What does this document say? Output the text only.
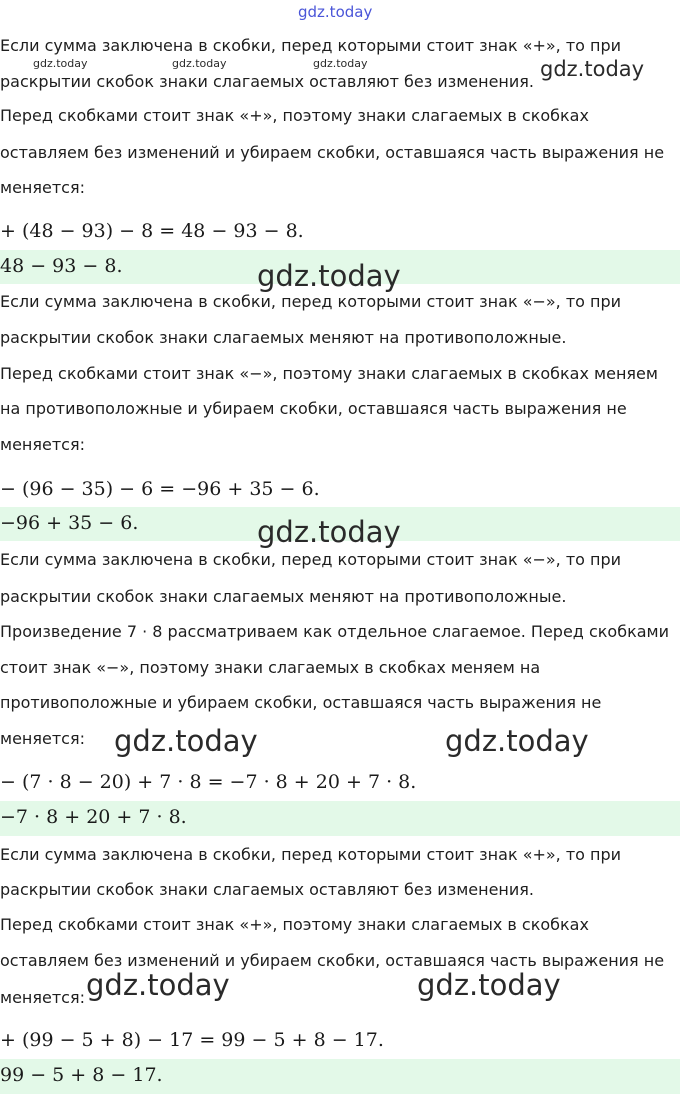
Если сумма заключена в скобки, перед которыми стоит знак «+», то при
раскрытии скобок знаки слагаемых оставляют без изменения.
Перед скобками стоит знак «+», поэтому знаки слагаемых в скобках
оставляем без изменений и убираем скобки, оставшаяся часть выражения не
меняется:
+ (48 − 93) − 8 = 48 − 93 − 8.
48 − 93 − 8.
Если сумма заключена в скобки, перед которыми стоит знак «−», то при
раскрытии скобок знаки слагаемых меняют на противоположные.
Перед скобками стоит знак «−», поэтому знаки слагаемых в скобках меняем
на противоположные и убираем скобки, оставшаяся часть выражения не
меняется:
− (96 − 35) − 6 = −96 + 35 − 6.
−96 + 35 − 6.
Если сумма заключена в скобки, перед которыми стоит знак «−», то при
раскрытии скобок знаки слагаемых меняют на противоположные.
Произведение 7 · 8 рассматриваем как отдельное слагаемое. Перед скобками
стоит знак «−», поэтому знаки слагаемых в скобках меняем на
противоположные и убираем скобки, оставшаяся часть выражения не
меняется:
− (7 · 8 − 20) + 7 · 8 = −7 · 8 + 20 + 7 · 8.
−7 · 8 + 20 + 7 · 8.
Если сумма заключена в скобки, перед которыми стоит знак «+», то при
раскрытии скобок знаки слагаемых оставляют без изменения.
Перед скобками стоит знак «+», поэтому знаки слагаемых в скобках
оставляем без изменений и убираем скобки, оставшаяся часть выражения не
меняется:
+ (99 − 5 + 8) − 17 = 99 − 5 + 8 − 17.
99 − 5 + 8 − 17.
gdz.today
gdz.today	gdz.today	gdz.today	gdz.today
gdz.today
gdz.today
gdz.today	gdz.today
gdz.today	gdz.today
